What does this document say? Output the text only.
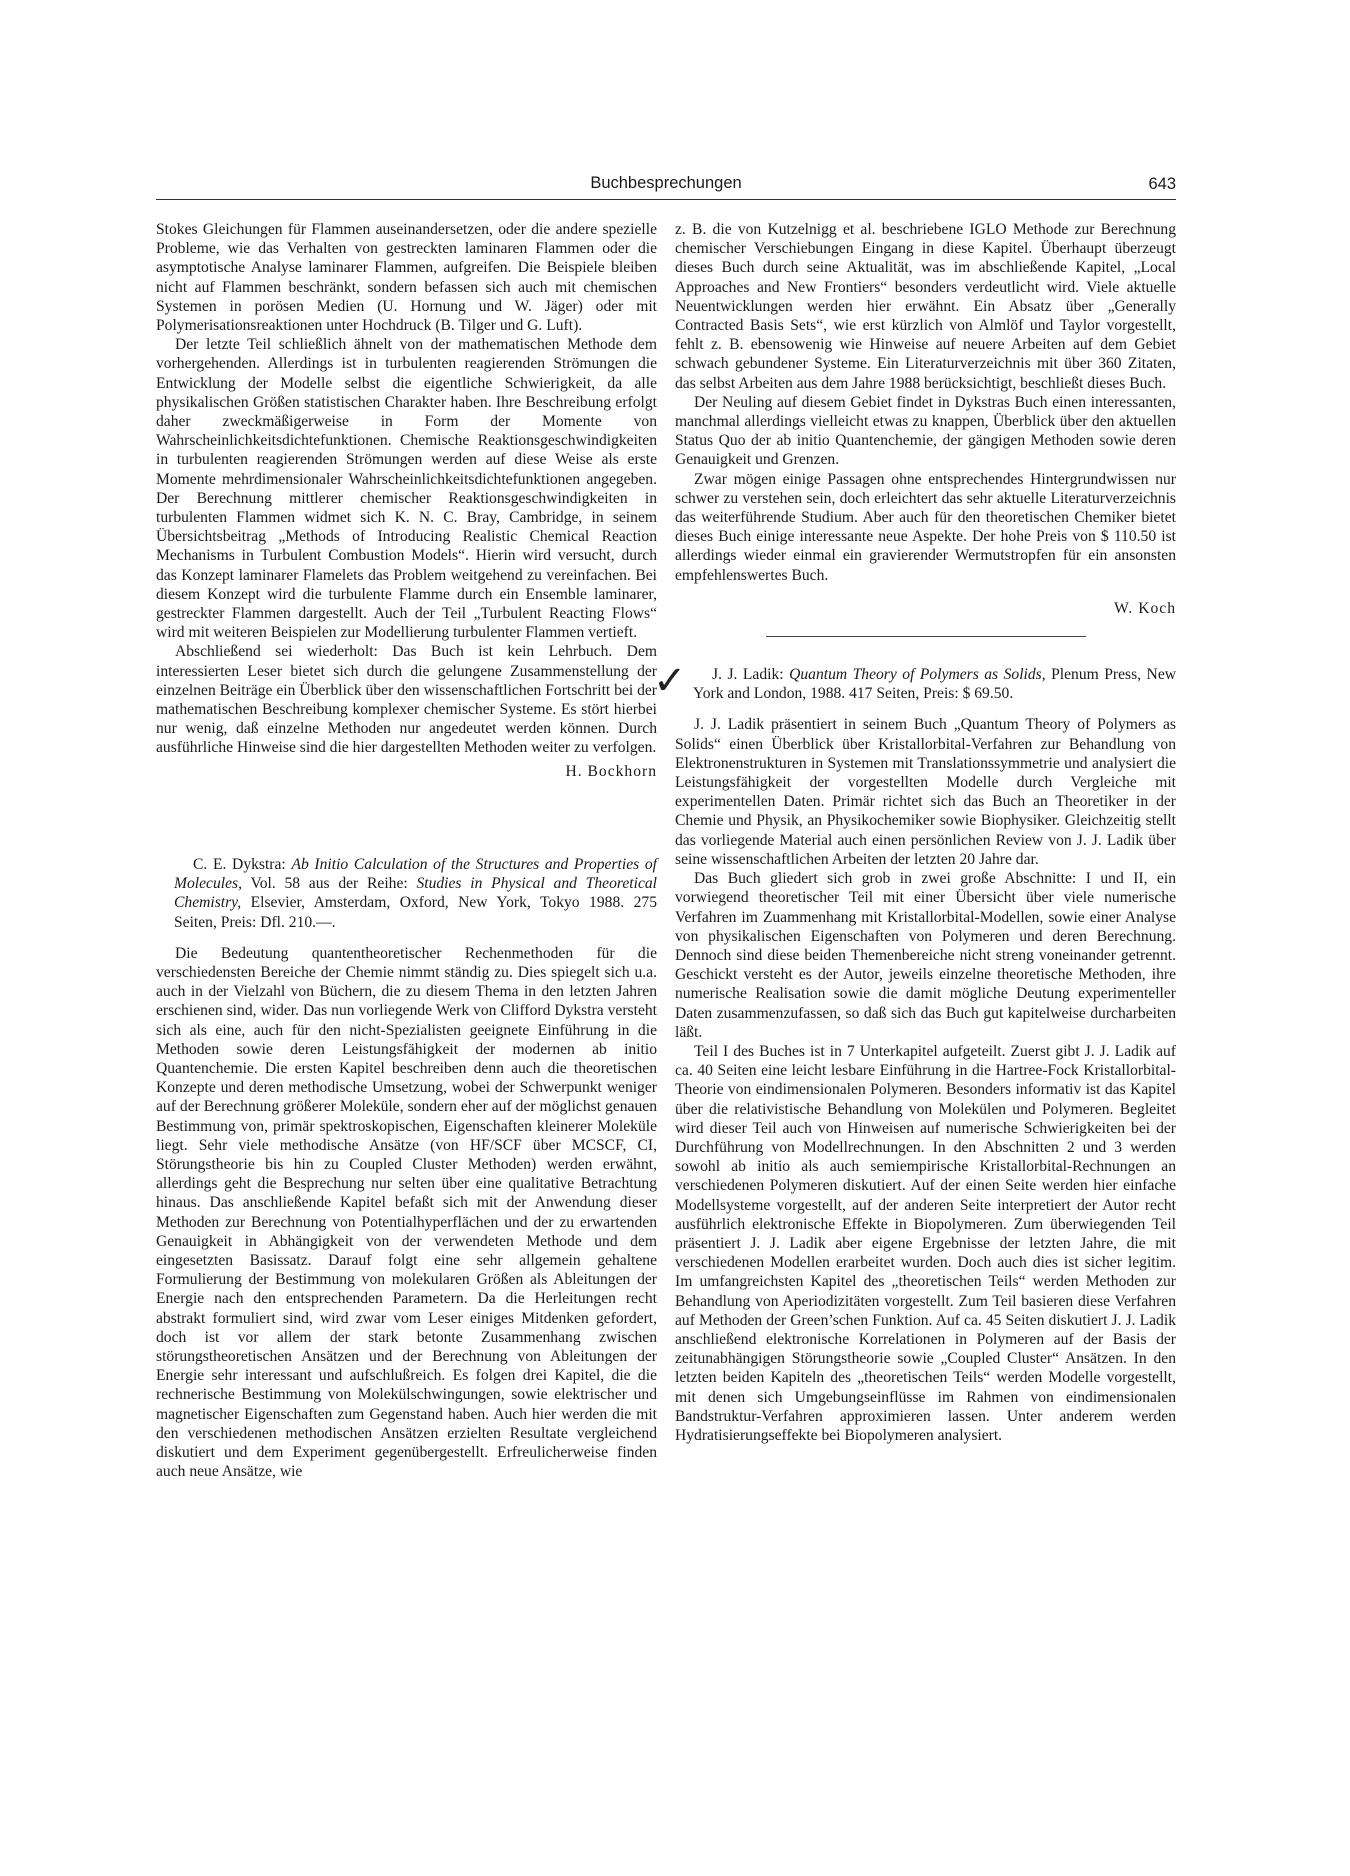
Buchbesprechungen	643

Stokes Gleichungen für Flammen auseinandersetzen, oder die andere spezielle Probleme, wie das Verhalten von gestreckten laminaren Flammen oder die asymptotische Analyse laminarer Flammen, aufgreifen. Die Beispiele bleiben nicht auf Flammen beschränkt, sondern befassen sich auch mit chemischen Systemen in porösen Medien (U. Hornung und W. Jäger) oder mit Polymerisationsreaktionen unter Hochdruck (B. Tilger und G. Luft).

Der letzte Teil schließlich ähnelt von der mathematischen Methode dem vorhergehenden. Allerdings ist in turbulenten reagierenden Strömungen die Entwicklung der Modelle selbst die eigentliche Schwierigkeit, da alle physikalischen Größen statistischen Charakter haben. Ihre Beschreibung erfolgt daher zweckmäßigerweise in Form der Momente von Wahrscheinlichkeitsdichtefunktionen. Chemische Reaktionsgeschwindigkeiten in turbulenten reagierenden Strömungen werden auf diese Weise als erste Momente mehrdimensionaler Wahrscheinlichkeitsdichtefunktionen angegeben. Der Berechnung mittlerer chemischer Reaktionsgeschwindigkeiten in turbulenten Flammen widmet sich K. N. C. Bray, Cambridge, in seinem Übersichtsbeitrag „Methods of Introducing Realistic Chemical Reaction Mechanisms in Turbulent Combustion Models“. Hierin wird versucht, durch das Konzept laminarer Flamelets das Problem weitgehend zu vereinfachen. Bei diesem Konzept wird die turbulente Flamme durch ein Ensemble laminarer, gestreckter Flammen dargestellt. Auch der Teil „Turbulent Reacting Flows“ wird mit weiteren Beispielen zur Modellierung turbulenter Flammen vertieft.

Abschließend sei wiederholt: Das Buch ist kein Lehrbuch. Dem interessierten Leser bietet sich durch die gelungene Zusammenstellung der einzelnen Beiträge ein Überblick über den wissenschaftlichen Fortschritt bei der mathematischen Beschreibung komplexer chemischer Systeme. Es stört hierbei nur wenig, daß einzelne Methoden nur angedeutet werden können. Durch ausführliche Hinweise sind die hier dargestellten Methoden weiter zu verfolgen.

H. Bockhorn

C. E. Dykstra: Ab Initio Calculation of the Structures and Properties of Molecules, Vol. 58 aus der Reihe: Studies in Physical and Theoretical Chemistry, Elsevier, Amsterdam, Oxford, New York, Tokyo 1988. 275 Seiten, Preis: Dfl. 210.—.

Die Bedeutung quantentheoretischer Rechenmethoden für die verschiedensten Bereiche der Chemie nimmt ständig zu. Dies spiegelt sich u.a. auch in der Vielzahl von Büchern, die zu diesem Thema in den letzten Jahren erschienen sind, wider. Das nun vorliegende Werk von Clifford Dykstra versteht sich als eine, auch für den nicht-Spezialisten geeignete Einführung in die Methoden sowie deren Leistungsfähigkeit der modernen ab initio Quantenchemie. Die ersten Kapitel beschreiben denn auch die theoretischen Konzepte und deren methodische Umsetzung, wobei der Schwerpunkt weniger auf der Berechnung größerer Moleküle, sondern eher auf der möglichst genauen Bestimmung von, primär spektroskopischen, Eigenschaften kleinerer Moleküle liegt. Sehr viele methodische Ansätze (von HF/SCF über MCSCF, CI, Störungstheorie bis hin zu Coupled Cluster Methoden) werden erwähnt, allerdings geht die Besprechung nur selten über eine qualitative Betrachtung hinaus. Das anschließende Kapitel befaßt sich mit der Anwendung dieser Methoden zur Berechnung von Potentialhyperflächen und der zu erwartenden Genauigkeit in Abhängigkeit von der verwendeten Methode und dem eingesetzten Basissatz. Darauf folgt eine sehr allgemein gehaltene Formulierung der Bestimmung von molekularen Größen als Ableitungen der Energie nach den entsprechenden Parametern. Da die Herleitungen recht abstrakt formuliert sind, wird zwar vom Leser einiges Mitdenken gefordert, doch ist vor allem der stark betonte Zusammenhang zwischen störungstheoretischen Ansätzen und der Berechnung von Ableitungen der Energie sehr interessant und aufschlußreich. Es folgen drei Kapitel, die die rechnerische Bestimmung von Molekülschwingungen, sowie elektrischer und magnetischer Eigenschaften zum Gegenstand haben. Auch hier werden die mit den verschiedenen methodischen Ansätzen erzielten Resultate vergleichend diskutiert und dem Experiment gegenübergestellt. Erfreulicherweise finden auch neue Ansätze, wie

z. B. die von Kutzelnigg et al. beschriebene IGLO Methode zur Berechnung chemischer Verschiebungen Eingang in diese Kapitel. Überhaupt überzeugt dieses Buch durch seine Aktualität, was im abschließende Kapitel, „Local Approaches and New Frontiers“ besonders verdeutlicht wird. Viele aktuelle Neuentwicklungen werden hier erwähnt. Ein Absatz über „Generally Contracted Basis Sets“, wie erst kürzlich von Almlöf und Taylor vorgestellt, fehlt z. B. ebensowenig wie Hinweise auf neuere Arbeiten auf dem Gebiet schwach gebundener Systeme. Ein Literaturverzeichnis mit über 360 Zitaten, das selbst Arbeiten aus dem Jahre 1988 berücksichtigt, beschließt dieses Buch.

Der Neuling auf diesem Gebiet findet in Dykstras Buch einen interessanten, manchmal allerdings vielleicht etwas zu knappen, Überblick über den aktuellen Status Quo der ab initio Quantenchemie, der gängigen Methoden sowie deren Genauigkeit und Grenzen.

Zwar mögen einige Passagen ohne entsprechendes Hintergrundwissen nur schwer zu verstehen sein, doch erleichtert das sehr aktuelle Literaturverzeichnis das weiterführende Studium. Aber auch für den theoretischen Chemiker bietet dieses Buch einige interessante neue Aspekte. Der hohe Preis von $ 110.50 ist allerdings wieder einmal ein gravierender Wermutstropfen für ein ansonsten empfehlenswertes Buch.

W. Koch
✓	J. J. Ladik: Quantum Theory of Polymers as Solids, Plenum Press, New York and London, 1988. 417 Seiten, Preis: $ 69.50.

J. J. Ladik präsentiert in seinem Buch „Quantum Theory of Polymers as Solids“ einen Überblick über Kristallorbital-Verfahren zur Behandlung von Elektronenstrukturen in Systemen mit Translationssymmetrie und analysiert die Leistungsfähigkeit der vorgestellten Modelle durch Vergleiche mit experimentellen Daten. Primär richtet sich das Buch an Theoretiker in der Chemie und Physik, an Physikochemiker sowie Biophysiker. Gleichzeitig stellt das vorliegende Material auch einen persönlichen Review von J. J. Ladik über seine wissenschaftlichen Arbeiten der letzten 20 Jahre dar.

Das Buch gliedert sich grob in zwei große Abschnitte: I und II, ein vorwiegend theoretischer Teil mit einer Übersicht über viele numerische Verfahren im Zuammenhang mit Kristallorbital-Modellen, sowie einer Analyse von physikalischen Eigenschaften von Polymeren und deren Berechnung. Dennoch sind diese beiden Themenbereiche nicht streng voneinander getrennt. Geschickt versteht es der Autor, jeweils einzelne theoretische Methoden, ihre numerische Realisation sowie die damit mögliche Deutung experimenteller Daten zusammenzufassen, so daß sich das Buch gut kapitelweise durcharbeiten läßt.

Teil I des Buches ist in 7 Unterkapitel aufgeteilt. Zuerst gibt J. J. Ladik auf ca. 40 Seiten eine leicht lesbare Einführung in die Hartree-Fock Kristallorbital-Theorie von eindimensionalen Polymeren. Besonders informativ ist das Kapitel über die relativistische Behandlung von Molekülen und Polymeren. Begleitet wird dieser Teil auch von Hinweisen auf numerische Schwierigkeiten bei der Durchführung von Modellrechnungen. In den Abschnitten 2 und 3 werden sowohl ab initio als auch semiempirische Kristallorbital-Rechnungen an verschiedenen Polymeren diskutiert. Auf der einen Seite werden hier einfache Modellsysteme vorgestellt, auf der anderen Seite interpretiert der Autor recht ausführlich elektronische Effekte in Biopolymeren. Zum überwiegenden Teil präsentiert J. J. Ladik aber eigene Ergebnisse der letzten Jahre, die mit verschiedenen Modellen erarbeitet wurden. Doch auch dies ist sicher legitim. Im umfangreichsten Kapitel des „theoretischen Teils“ werden Methoden zur Behandlung von Aperiodizitäten vorgestellt. Zum Teil basieren diese Verfahren auf Methoden der Green’schen Funktion. Auf ca. 45 Seiten diskutiert J. J. Ladik anschließend elektronische Korrelationen in Polymeren auf der Basis der zeitunabhängigen Störungstheorie sowie „Coupled Cluster“ Ansätzen. In den letzten beiden Kapiteln des „theoretischen Teils“ werden Modelle vorgestellt, mit denen sich Umgebungseinflüsse im Rahmen von eindimensionalen Bandstruktur-Verfahren approximieren lassen. Unter anderem werden Hydratisierungseffekte bei Biopolymeren analysiert.
